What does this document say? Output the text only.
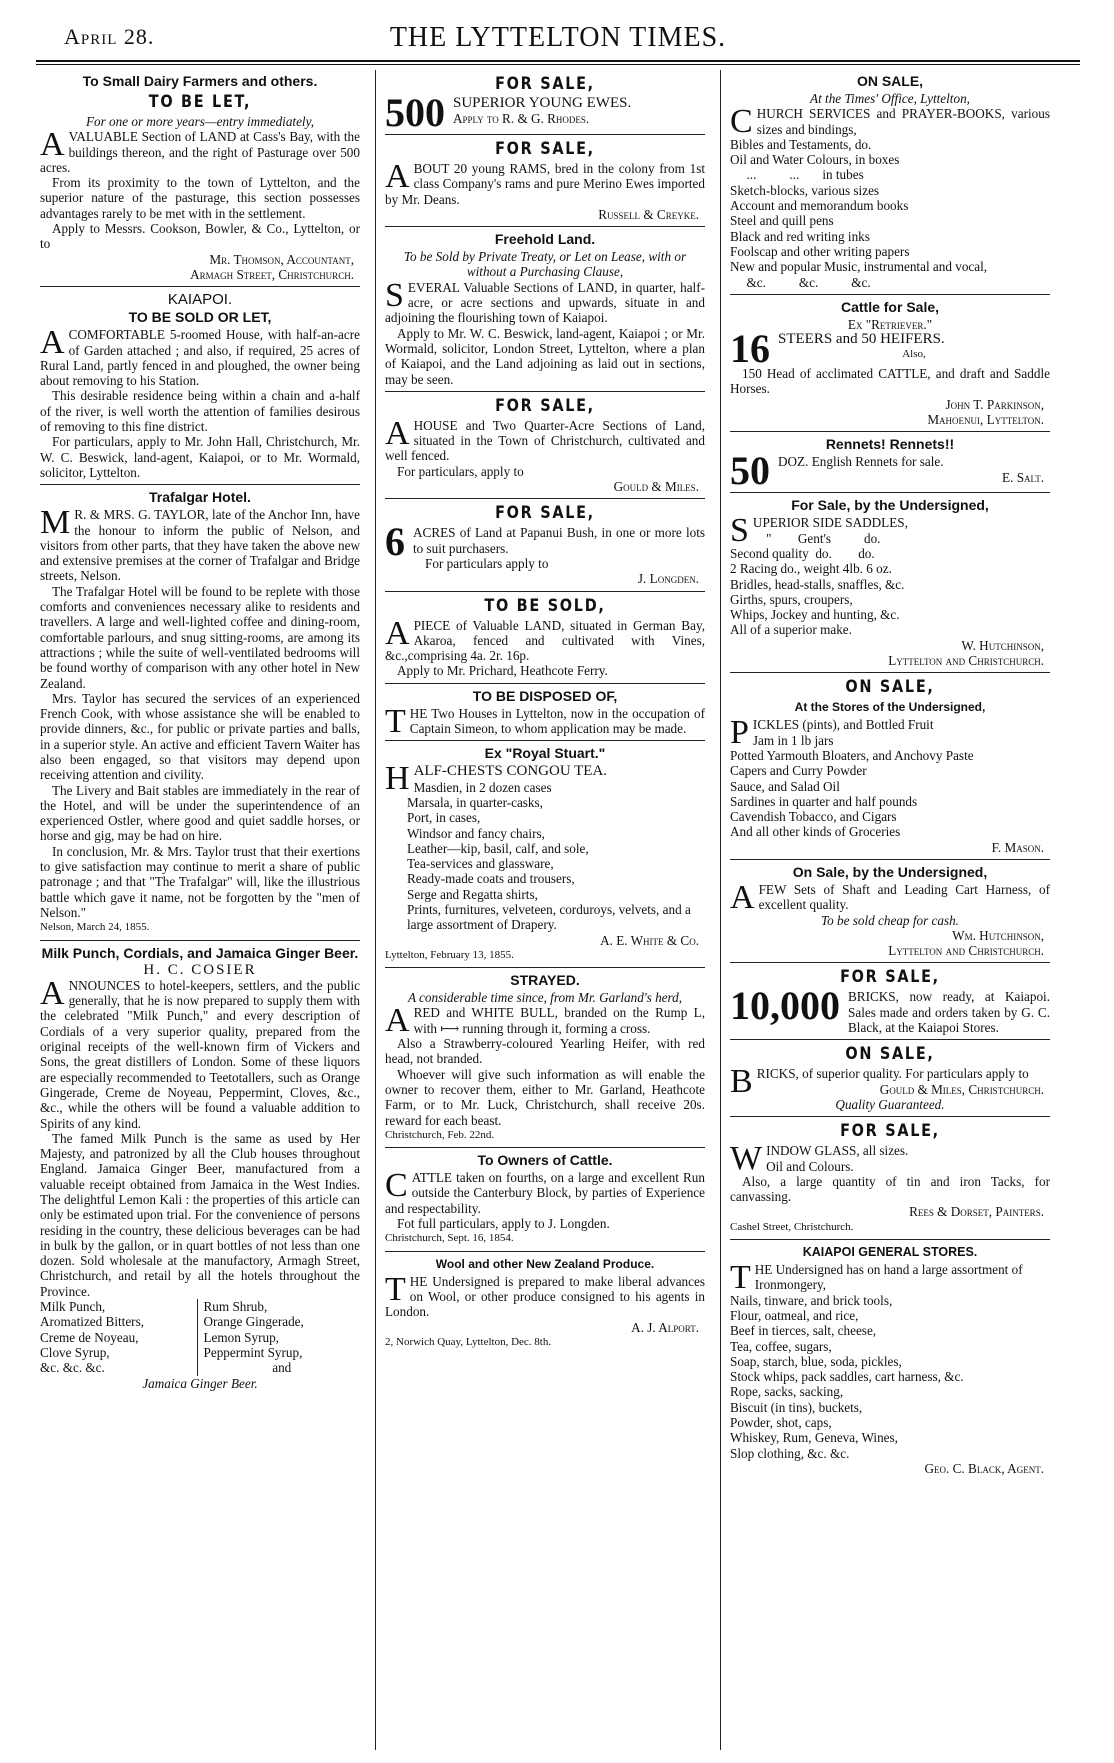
April 28.	THE LYTTELTON TIMES.
To Small Dairy Farmers and others.
TO BE LET,
For one or more years—entry immediately,

AVALUABLE Section of LAND at Cass's Bay, with the buildings thereon, and the right of Pasturage over 500 acres.

From its proximity to the town of Lyttelton, and the superior nature of the pasturage, this section possesses advantages rarely to be met with in the settlement.

Apply to Messrs. Cookson, Bowler, & Co., Lyttelton, or to

Mr. Thomson, Accountant,
Armagh Street, Christchurch.
KAIAPOI.
TO BE SOLD OR LET,

ACOMFORTABLE 5-roomed House, with half-an-acre of Garden attached ; and also, if required, 25 acres of Rural Land, partly fenced in and ploughed, the owner being about removing to his Station.

This desirable residence being within a chain and a-half of the river, is well worth the attention of families desirous of removing to this fine district.

For particulars, apply to Mr. John Hall, Christchurch, Mr. W. C. Beswick, land-agent, Kaiapoi, or to Mr. Wormald, solicitor, Lyttelton.

Trafalgar Hotel.

M R. & MRS. G. TAYLOR, late of the Anchor Inn, have the honour to inform the public of Nelson, and visitors from other parts, that they have taken the above new and extensive premises at the corner of Trafalgar and Bridge streets, Nelson.

The Trafalgar Hotel will be found to be replete with those comforts and conveniences necessary alike to residents and travellers. A large and well-lighted coffee and dining-room, comfortable parlours, and snug sitting-rooms, are among its attractions ; while the suite of well-ventilated bedrooms will be found worthy of comparison with any other hotel in New Zealand.

Mrs. Taylor has secured the services of an experienced French Cook, with whose assistance she will be enabled to provide dinners, &c., for public or private parties and balls, in a superior style. An active and efficient Tavern Waiter has also been engaged, so that visitors may depend upon receiving attention and civility.

The Livery and Bait stables are immediately in the rear of the Hotel, and will be under the superintendence of an experienced Ostler, where good and quiet saddle horses, or horse and gig, may be had on hire.

In conclusion, Mr. & Mrs. Taylor trust that their exertions to give satisfaction may continue to merit a share of public patronage ; and that "The Trafalgar" will, like the illustrious battle which gave it name, not be forgotten by the "men of Nelson."

Nelson, March 24, 1855.
Milk Punch, Cordials, and Jamaica Ginger Beer.
H. C. COSIER

ANNOUNCES to hotel-keepers, settlers, and the public generally, that he is now prepared to supply them with the celebrated "Milk Punch," and every description of Cordials of a very superior quality, prepared from the original receipts of the well-known firm of Vickers and Sons, the great distillers of London. Some of these liquors are especially recommended to Teetotallers, such as Orange Gingerade, Creme de Noyeau, Peppermint, Cloves, &c., &c., while the others will be found a valuable addition to Spirits of any kind.

The famed Milk Punch is the same as used by Her Majesty, and patronized by all the Club houses throughout England. Jamaica Ginger Beer, manufactured from a valuable receipt obtained from Jamaica in the West Indies. The delightful Lemon Kali : the properties of this article can only be estimated upon trial. For the convenience of persons residing in the country, these delicious beverages can be had in bulk by the gallon, or in quart bottles of not less than one dozen. Sold wholesale at the manufactory, Armagh Street, Christchurch, and retail by all the hotels throughout the Province.

Milk Punch,
Aromatized Bitters,
Creme de Noyeau,
Clove Syrup,
&c. &c. &c.
Rum Shrub,
Orange Gingerade,
Lemon Syrup,
Peppermint Syrup,
and
Jamaica Ginger Beer.
FOR SALE,
500 SUPERIOR YOUNG EWES.
Apply to R. & G. Rhodes.
FOR SALE,

ABOUT 20 young RAMS, bred in the colony from 1st class Company's rams and pure Merino Ewes imported by Mr. Deans.

Russell & Creyke.
Freehold Land.
To be Sold by Private Treaty, or Let on Lease, with or without a Purchasing Clause,

SEVERAL Valuable Sections of LAND, in quarter, half-acre, or acre sections and upwards, situate in and adjoining the flourishing town of Kaiapoi.

Apply to Mr. W. C. Beswick, land-agent, Kaiapoi ; or Mr. Wormald, solicitor, London Street, Lyttelton, where a plan of Kaiapoi, and the Land adjoining as laid out in sections, may be seen.

FOR SALE,

AHOUSE and Two Quarter-Acre Sections of Land, situated in the Town of Christchurch, cultivated and well fenced.

For particulars, apply to

Gould & Miles.
FOR SALE,

6 ACRES of Land at Papanui Bush, in one or more lots to suit purchasers.

For particulars apply to

J. Longden.
TO BE SOLD,

APIECE of Valuable LAND, situated in German Bay, Akaroa, fenced and cultivated with Vines, &c.,comprising 4a. 2r. 16p.

Apply to Mr. Prichard, Heathcote Ferry.

TO BE DISPOSED OF,

THE Two Houses in Lyttelton, now in the occupation of Captain Simeon, to whom application may be made.

Ex "Royal Stuart."

HALF-CHESTS CONGOU TEA.

Masdien, in 2 dozen cases
Marsala, in quarter-casks,
Port, in cases,
Windsor and fancy chairs,
Leather—kip, basil, calf, and sole,
Tea-services and glassware,
Ready-made coats and trousers,
Serge and Regatta shirts,
Prints, furnitures, velveteen, corduroys, velvets, and a large assortment of Drapery.
A. E. White & Co.
Lyttelton, February 13, 1855.
STRAYED.
A considerable time since, from Mr. Garland's herd,

ARED and WHITE BULL, branded on the Rump L, with ⟼ running through it, forming a cross.

Also a Strawberry-coloured Yearling Heifer, with red head, not branded.

Whoever will give such information as will enable the owner to recover them, either to Mr. Garland, Heathcote Farm, or to Mr. Luck, Christchurch, shall receive 20s. reward for each beast.

Christchurch, Feb. 22nd.
To Owners of Cattle.

CATTLE taken on fourths, on a large and excellent Run outside the Canterbury Block, by parties of Experience and respectability.

Fot full particulars, apply to J. Longden.

Christchurch, Sept. 16, 1854.
Wool and other New Zealand Produce.

THE Undersigned is prepared to make liberal advances on Wool, or other produce consigned to his agents in London.

A. J. Alport.
2, Norwich Quay, Lyttelton, Dec. 8th.
ON SALE,
At the Times' Office, Lyttelton,

CHURCH SERVICES and PRAYER-BOOKS, various sizes and bindings,

Bibles and Testaments, do.
Oil and Water Colours, in boxes
...          ...       in tubes
Sketch-blocks, various sizes
Account and memorandum books
Steel and quill pens
Black and red writing inks
Foolscap and other writing papers
New and popular Music, instrumental and vocal,
&c.          &c.          &c.
Cattle for Sale,
Ex "Retriever."
16 STEERS and 50 HEIFERS.
Also,

150 Head of acclimated CATTLE, and draft and Saddle Horses.

John T. Parkinson,
Mahoenui, Lyttelton.
Rennets! Rennets!!
50 DOZ. English Rennets for sale.
E. Salt.
For Sale, by the Undersigned,

SUPERIOR SIDE SADDLES,

"        Gent's          do.
Second quality  do.        do.
2 Racing do., weight 4lb. 6 oz.
Bridles, head-stalls, snaffles, &c.
Girths, spurs, croupers,
Whips, Jockey and hunting, &c.
All of a superior make.
W. Hutchinson,
Lyttelton and Christchurch.
ON SALE,
At the Stores of the Undersigned,

PICKLES (pints), and Bottled Fruit

Jam in 1 lb jars
Potted Yarmouth Bloaters, and Anchovy Paste
Capers and Curry Powder
Sauce, and Salad Oil
Sardines in quarter and half pounds
Cavendish Tobacco, and Cigars
And all other kinds of Groceries
F. Mason.
On Sale, by the Undersigned,

AFEW Sets of Shaft and Leading Cart Harness, of excellent quality.

To be sold cheap for cash.
Wm. Hutchinson,
Lyttelton and Christchurch.
FOR SALE,

10,000 BRICKS, now ready, at Kaiapoi. Sales made and orders taken by G. C. Black, at the Kaiapoi Stores.

ON SALE,

BRICKS, of superior quality. For particulars apply to

Gould & Miles, Christchurch.
Quality Guaranteed.
FOR SALE,

WINDOW GLASS, all sizes.

Oil and Colours.

Also, a large quantity of tin and iron Tacks, for canvassing.

Rees & Dorset, Painters.
Cashel Street, Christchurch.
KAIAPOI GENERAL STORES.

THE Undersigned has on hand a large assortment of

Ironmongery,
Nails, tinware, and brick tools,
Flour, oatmeal, and rice,
Beef in tierces, salt, cheese,
Tea, coffee, sugars,
Soap, starch, blue, soda, pickles,
Stock whips, pack saddles, cart harness, &c.
Rope, sacks, sacking,
Biscuit (in tins), buckets,
Powder, shot, caps,
Whiskey, Rum, Geneva, Wines,
Slop clothing, &c. &c.
Geo. C. Black, Agent.
